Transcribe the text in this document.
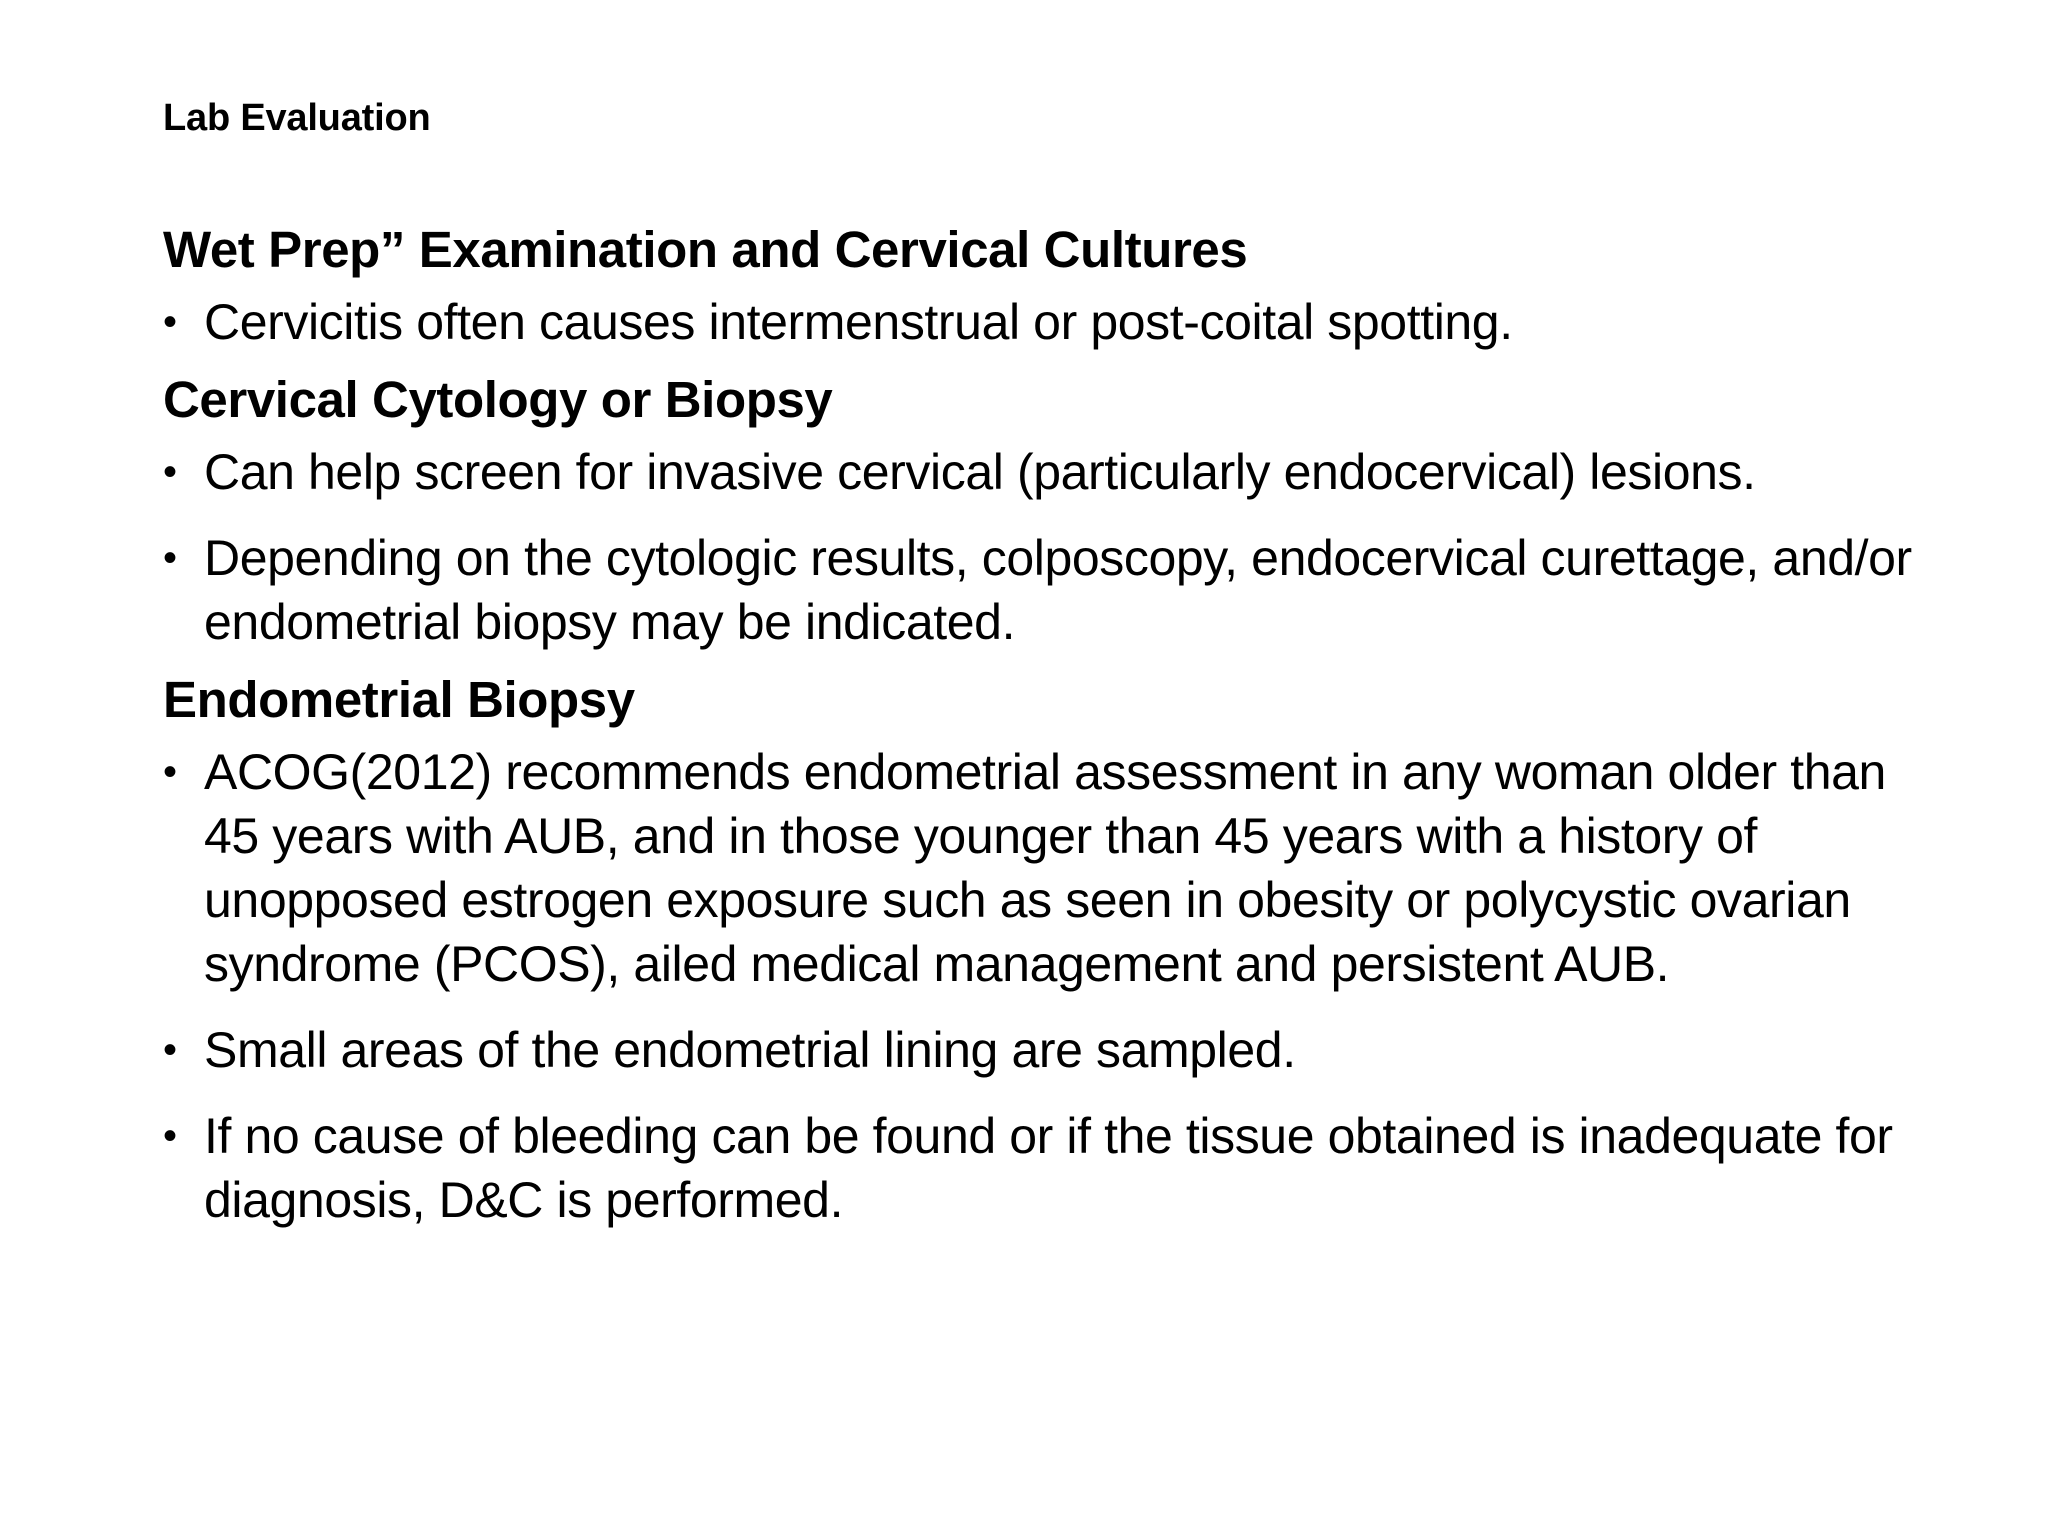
Lab Evaluation
Wet Prep” Examination and Cervical Cultures
• Cervicitis often causes intermenstrual or post-coital spotting.
Cervical Cytology or Biopsy
• Can help screen for invasive cervical (particularly endocervical) lesions.
• Depending on the cytologic results, colposcopy, endocervical curettage, and/or endometrial biopsy may be indicated.
Endometrial Biopsy
• ACOG(2012) recommends endometrial assessment in any woman older than 45 years with AUB, and in those younger than 45 years with a history of unopposed estrogen exposure such as seen in obesity or polycystic ovarian syndrome (PCOS), ailed medical management and persistent AUB.
• Small areas of the endometrial lining are sampled.
• If no cause of bleeding can be found or if the tissue obtained is inadequate for diagnosis, D&C is performed.
